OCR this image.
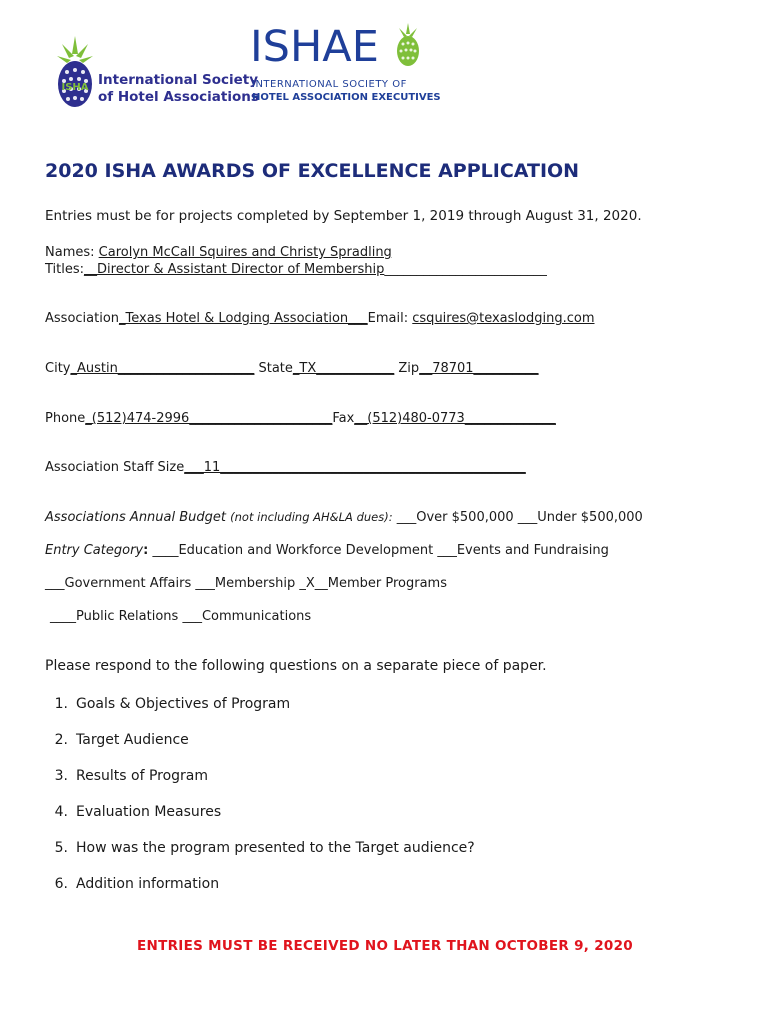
ISHA International Society
of Hotel Associations
ISHAE
INTERNATIONAL SOCIETY OF
HOTEL ASSOCIATION EXECUTIVES
2020 ISHA AWARDS OF EXCELLENCE APPLICATION
Entries must be for projects completed by September 1, 2019 through August 31, 2020.
Names: Carolyn McCall Squires and Christy Spradling
Titles:__Director & Assistant Director of Membership_________________________
Association_Texas Hotel & Lodging Association___Email: csquires@texaslodging.com
City_Austin_____________________ State_TX____________ Zip__78701__________
Phone_(512)474-2996______________________Fax__(512)480-0773______________
Association Staff Size___11_______________________________________________
Associations Annual Budget (not including AH&LA dues): ___Over $500,000 ___Under $500,000
Entry Category: ____Education and Workforce Development ___Events and Fundraising
___Government Affairs ___Membership _X__Member Programs
____Public Relations ___Communications
Please respond to the following questions on a separate piece of paper.
1. Goals & Objectives of Program
2. Target Audience
3. Results of Program
4. Evaluation Measures
5. How was the program presented to the Target audience?
6. Addition information
ENTRIES MUST BE RECEIVED NO LATER THAN OCTOBER 9, 2020
